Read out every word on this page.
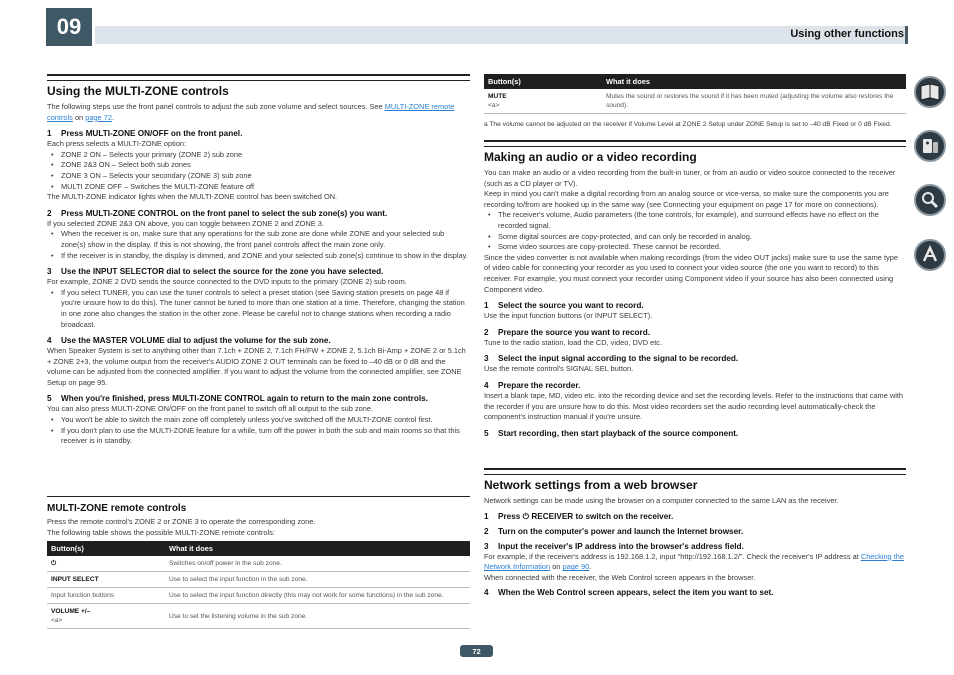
09	Using other functions
Using the MULTI-ZONE controls
The following steps use the front panel controls to adjust the sub zone volume and select sources. See MULTI-ZONE remote controls on page 72.
1 Press MULTI-ZONE ON/OFF on the front panel.
Each press selects a MULTI-ZONE option:
• ZONE 2 ON – Selects your primary (ZONE 2) sub zone
• ZONE 2&3 ON – Select both sub zones
• ZONE 3 ON – Selects your secondary (ZONE 3) sub zone
• MULTI ZONE OFF – Switches the MULTI-ZONE feature off
The MULTI-ZONE indicator lights when the MULTI-ZONE control has been switched ON.
2 Press MULTI-ZONE CONTROL on the front panel to select the sub zone(s) you want.
If you selected ZONE 2&3 ON above, you can toggle between ZONE 2 and ZONE 3.
• When the receiver is on, make sure that any operations for the sub zone are done while ZONE and your selected sub zone(s) show in the display. If this is not showing, the front panel controls affect the main zone only.
• If the receiver is in standby, the display is dimmed, and ZONE and your selected sub zone(s) continue to show in the display.
3 Use the INPUT SELECTOR dial to select the source for the zone you have selected.
For example, ZONE 2 DVD sends the source connected to the DVD inputs to the primary (ZONE 2) sub room.
• If you select TUNER, you can use the tuner controls to select a preset station (see Saving station presets on page 48 if you're unsure how to do this). The tuner cannot be tuned to more than one station at a time. Therefore, changing the station in one zone also changes the station in the other zone. Please be careful not to change stations when recording a radio broadcast.
4 Use the MASTER VOLUME dial to adjust the volume for the sub zone.
When Speaker System is set to anything other than 7.1ch + ZONE 2, 7.1ch FH/FW + ZONE 2, 5.1ch Bi-Amp + ZONE 2 or 5.1ch + ZONE 2+3, the volume output from the receiver's AUDIO ZONE 2 OUT terminals can be fixed to –40 dB or 0 dB and the volume can be adjusted from the connected amplifier. If you want to adjust the volume from the connected amplifier, see ZONE Setup on page 95.
5 When you're finished, press MULTI-ZONE CONTROL again to return to the main zone controls.
You can also press MULTI-ZONE ON/OFF on the front panel to switch off all output to the sub zone.
• You won't be able to switch the main zone off completely unless you've switched off the MULTI-ZONE control first.
• If you don't plan to use the MULTI-ZONE feature for a while, turn off the power in both the sub and main rooms so that this receiver is in standby.
MULTI-ZONE remote controls
Press the remote control's ZONE 2 or ZONE 3 to operate the corresponding zone.
The following table shows the possible MULTI-ZONE remote controls:
Button(s)	What it does
⏻	Switches on/off power in the sub zone.
INPUT SELECT	Use to select the input function in the sub zone.
Input function buttons	Use to select the input function directly (this may not work for some functions) in the sub zone.

VOLUME +/–
<a>	Use to set the listening volume in the sub zone.
Button(s)	What it does

MUTE
<a>	Mutes the sound or restores the sound if it has been muted (adjusting the volume also restores the sound).
a The volume cannot be adjusted on the receiver if Volume Level at ZONE 2 Setup under ZONE Setup is set to –40 dB Fixed or 0 dB Fixed.
Making an audio or a video recording
You can make an audio or a video recording from the built-in tuner, or from an audio or video source connected to the receiver (such as a CD player or TV).
Keep in mind you can't make a digital recording from an analog source or vice-versa, so make sure the components you are recording to/from are hooked up in the same way (see Connecting your equipment on page 17 for more on connections).
• The receiver's volume, Audio parameters (the tone controls, for example), and surround effects have no effect on the recorded signal.
• Some digital sources are copy-protected, and can only be recorded in analog.
• Some video sources are copy-protected. These cannot be recorded.
Since the video converter is not available when making recordings (from the video OUT jacks) make sure to use the same type of video cable for connecting your recorder as you used to connect your video source (the one you want to record) to this receiver. For example, you must connect your recorder using Component video if your source has also been connected using Component video.
1 Select the source you want to record.
Use the input function buttons (or INPUT SELECT).
2 Prepare the source you want to record.
Tune to the radio station, load the CD, video, DVD etc.
3 Select the input signal according to the signal to be recorded.
Use the remote control's SIGNAL SEL button.
4 Prepare the recorder.
Insert a blank tape, MD, video etc. into the recording device and set the recording levels. Refer to the instructions that came with the recorder if you are unsure how to do this. Most video recorders set the audio recording level automatically-check the component's instruction manual if you're unsure.
5 Start recording, then start playback of the source component.
Network settings from a web browser
Network settings can be made using the browser on a computer connected to the same LAN as the receiver.
1 Press ⏻ RECEIVER to switch on the receiver.
2 Turn on the computer's power and launch the Internet browser.
3 Input the receiver's IP address into the browser's address field.
For example, if the receiver's address is 192.168.1.2, input "http://192.168.1.2/". Check the receiver's IP address at Checking the Network Information on page 90.
When connected with the receiver, the Web Control screen appears in the browser.
4 When the Web Control screen appears, select the item you want to set.
72
